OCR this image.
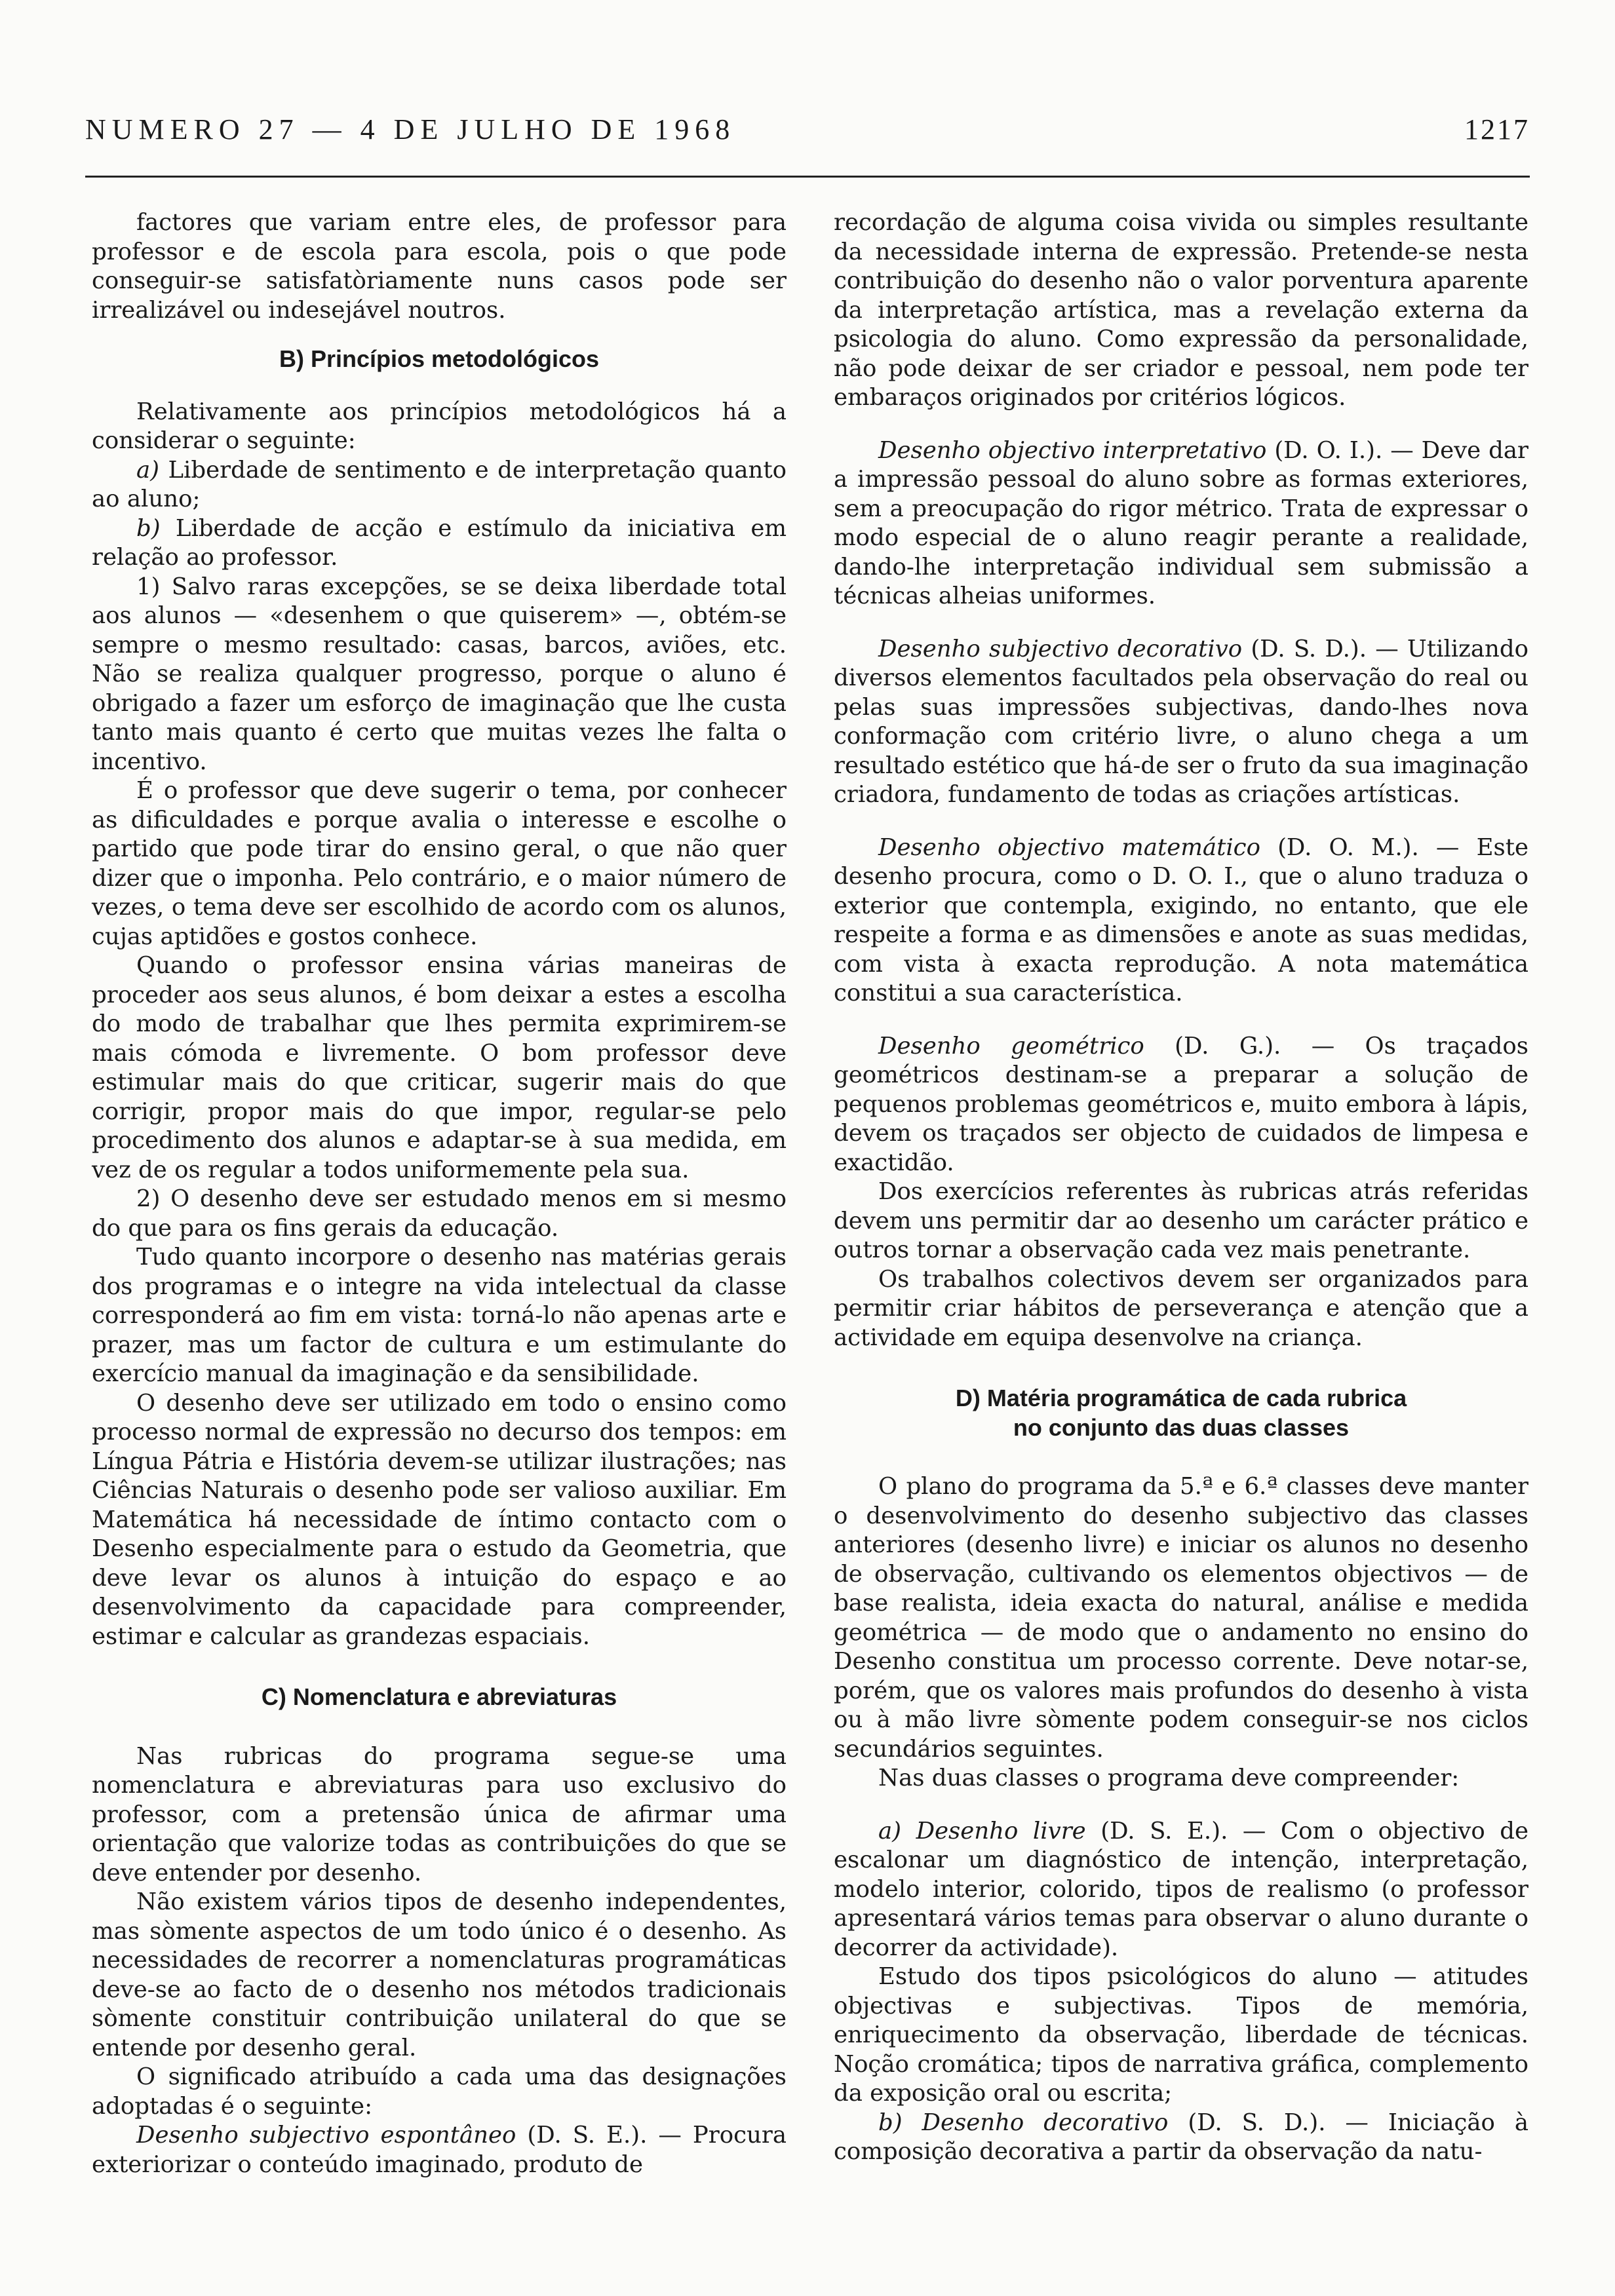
NUMERO 27 — 4 DE JULHO DE 1968	1217

factores que variam entre eles, de professor para professor e de escola para escola, pois o que pode conseguir-se satisfatòriamente nuns casos pode ser irrealizável ou indesejável noutros.

B) Princípios metodológicos

Relativamente aos princípios metodológicos há a considerar o seguinte:

a) Liberdade de sentimento e de interpretação quanto ao aluno;

b) Liberdade de acção e estímulo da iniciativa em relação ao professor.

1) Salvo raras excepções, se se deixa liberdade total aos alunos — «desenhem o que quiserem» —, obtém-se sempre o mesmo resultado: casas, barcos, aviões, etc. Não se realiza qualquer progresso, porque o aluno é obrigado a fazer um esforço de imaginação que lhe custa tanto mais quanto é certo que muitas vezes lhe falta o incentivo.

É o professor que deve sugerir o tema, por conhecer as dificuldades e porque avalia o interesse e escolhe o partido que pode tirar do ensino geral, o que não quer dizer que o imponha. Pelo contrário, e o maior número de vezes, o tema deve ser escolhido de acordo com os alunos, cujas aptidões e gostos conhece.

Quando o professor ensina várias maneiras de proceder aos seus alunos, é bom deixar a estes a escolha do modo de trabalhar que lhes permita exprimirem-se mais cómoda e livremente. O bom professor deve estimular mais do que criticar, sugerir mais do que corrigir, propor mais do que impor, regular-se pelo procedimento dos alunos e adaptar-se à sua medida, em vez de os regular a todos uniformemente pela sua.

2) O desenho deve ser estudado menos em si mesmo do que para os fins gerais da educação.

Tudo quanto incorpore o desenho nas matérias gerais dos programas e o integre na vida intelectual da classe corresponderá ao fim em vista: torná-lo não apenas arte e prazer, mas um factor de cultura e um estimulante do exercício manual da imaginação e da sensibilidade.

O desenho deve ser utilizado em todo o ensino como processo normal de expressão no decurso dos tempos: em Língua Pátria e História devem-se utilizar ilustrações; nas Ciências Naturais o desenho pode ser valioso auxiliar. Em Matemática há necessidade de íntimo contacto com o Desenho especialmente para o estudo da Geometria, que deve levar os alunos à intuição do espaço e ao desenvolvimento da capacidade para compreender, estimar e calcular as grandezas espaciais.

C) Nomenclatura e abreviaturas

Nas rubricas do programa segue-se uma nomenclatura e abreviaturas para uso exclusivo do professor, com a pretensão única de afirmar uma orientação que valorize todas as contribuições do que se deve entender por desenho.

Não existem vários tipos de desenho independentes, mas sòmente aspectos de um todo único é o desenho. As necessidades de recorrer a nomenclaturas programáticas deve-se ao facto de o desenho nos métodos tradicionais sòmente constituir contribuição unilateral do que se entende por desenho geral.

O significado atribuído a cada uma das designações adoptadas é o seguinte:

Desenho subjectivo espontâneo (D. S. E.). — Procura exteriorizar o conteúdo imaginado, produto de

recordação de alguma coisa vivida ou simples resultante da necessidade interna de expressão. Pretende-se nesta contribuição do desenho não o valor porventura aparente da interpretação artística, mas a revelação externa da psicologia do aluno. Como expressão da personalidade, não pode deixar de ser criador e pessoal, nem pode ter embaraços originados por critérios lógicos.

Desenho objectivo interpretativo (D. O. I.). — Deve dar a impressão pessoal do aluno sobre as formas exteriores, sem a preocupação do rigor métrico. Trata de expressar o modo especial de o aluno reagir perante a realidade, dando-lhe interpretação individual sem submissão a técnicas alheias uniformes.

Desenho subjectivo decorativo (D. S. D.). — Utilizando diversos elementos facultados pela observação do real ou pelas suas impressões subjectivas, dando-lhes nova conformação com critério livre, o aluno chega a um resultado estético que há-de ser o fruto da sua imaginação criadora, fundamento de todas as criações artísticas.

Desenho objectivo matemático (D. O. M.). — Este desenho procura, como o D. O. I., que o aluno traduza o exterior que contempla, exigindo, no entanto, que ele respeite a forma e as dimensões e anote as suas medidas, com vista à exacta reprodução. A nota matemática constitui a sua característica.

Desenho geométrico (D. G.). — Os traçados geométricos destinam-se a preparar a solução de pequenos problemas geométricos e, muito embora à lápis, devem os traçados ser objecto de cuidados de limpesa e exactidão.

Dos exercícios referentes às rubricas atrás referidas devem uns permitir dar ao desenho um carácter prático e outros tornar a observação cada vez mais penetrante.

Os trabalhos colectivos devem ser organizados para permitir criar hábitos de perseverança e atenção que a actividade em equipa desenvolve na criança.

D) Matéria programática de cada rubrica
no conjunto das duas classes

O plano do programa da 5.ª e 6.ª classes deve manter o desenvolvimento do desenho subjectivo das classes anteriores (desenho livre) e iniciar os alunos no desenho de observação, cultivando os elementos objectivos — de base realista, ideia exacta do natural, análise e medida geométrica — de modo que o andamento no ensino do Desenho constitua um processo corrente. Deve notar-se, porém, que os valores mais profundos do desenho à vista ou à mão livre sòmente podem conseguir-se nos ciclos secundários seguintes.

Nas duas classes o programa deve compreender:

a) Desenho livre (D. S. E.). — Com o objectivo de escalonar um diagnóstico de intenção, interpretação, modelo interior, colorido, tipos de realismo (o professor apresentará vários temas para observar o aluno durante o decorrer da actividade).

Estudo dos tipos psicológicos do aluno — atitudes objectivas e subjectivas. Tipos de memória, enriquecimento da observação, liberdade de técnicas. Noção cromática; tipos de narrativa gráfica, complemento da exposição oral ou escrita;

b) Desenho decorativo (D. S. D.). — Iniciação à composição decorativa a partir da observação da natu-
